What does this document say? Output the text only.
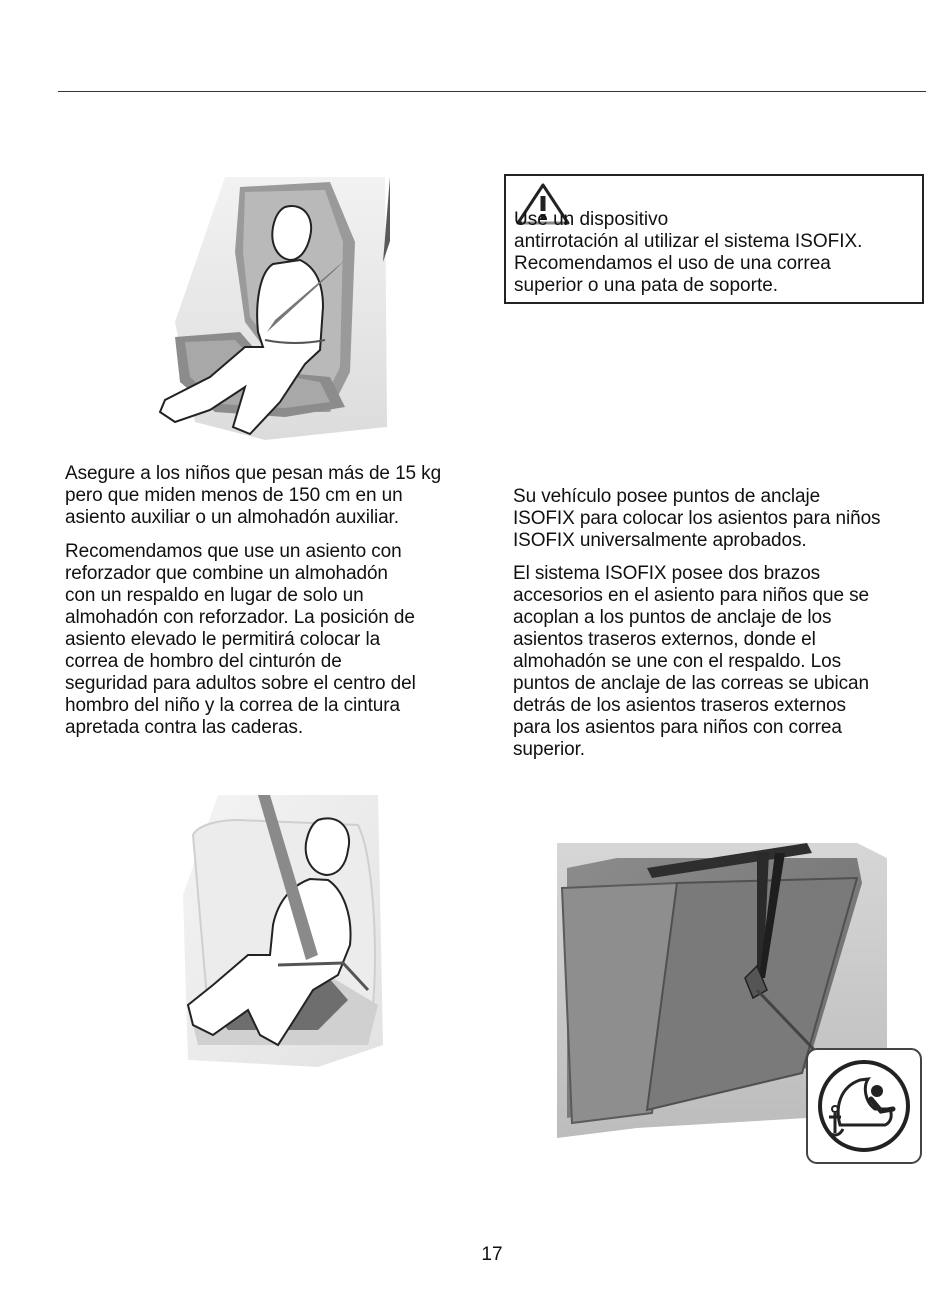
Use un dispositivo
antirrotación al utilizar el sistema ISOFIX.
Recomendamos el uso de una correa
superior o una pata de soporte.

Asegure a los niños que pesan más de 15 kg
pero que miden menos de 150 cm en un
asiento auxiliar o un almohadón auxiliar.

Recomendamos que use un asiento con
reforzador que combine un almohadón
con un respaldo en lugar de solo un
almohadón con reforzador. La posición de
asiento elevado le permitirá colocar la
correa de hombro del cinturón de
seguridad para adultos sobre el centro del
hombro del niño y la correa de la cintura
apretada contra las caderas.

Su vehículo posee puntos de anclaje
ISOFIX para colocar los asientos para niños
ISOFIX universalmente aprobados.

El sistema ISOFIX posee dos brazos
accesorios en el asiento para niños que se
acoplan a los puntos de anclaje de los
asientos traseros externos, donde el
almohadón se une con el respaldo. Los
puntos de anclaje de las correas se ubican
detrás de los asientos traseros externos
para los asientos para niños con correa
superior.

17
